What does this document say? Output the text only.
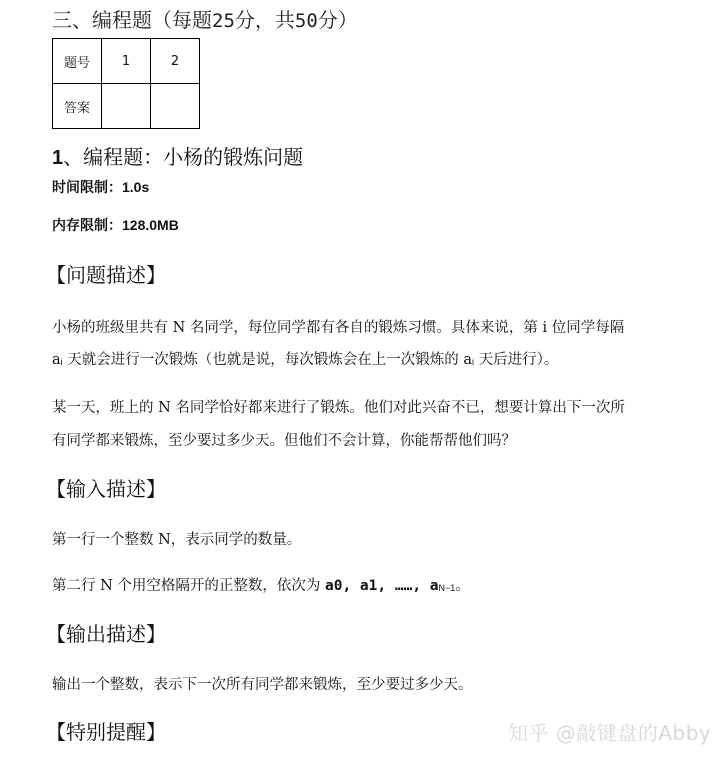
三、编程题（每题25分，共50分）
题号	1	2
答案		
1、编程题：小杨的锻炼问题
时间限制：1.0s
内存限制：128.0MB
【问题描述】
小杨的班级里共有 N 名同学，每位同学都有各自的锻炼习惯。具体来说，第 i 位同学每隔
ai 天就会进行一次锻炼（也就是说，每次锻炼会在上一次锻炼的 ai 天后进行）。
某一天，班上的 N 名同学恰好都来进行了锻炼。他们对此兴奋不已，想要计算出下一次所
有同学都来锻炼，至少要过多少天。但他们不会计算，你能帮帮他们吗？
【输入描述】
第一行一个整数 N，表示同学的数量。
第二行 N 个用空格隔开的正整数，依次为 a0, a1, ……, aN−1。
【输出描述】
输出一个整数，表示下一次所有同学都来锻炼，至少要过多少天。
【特别提醒】	知乎 @敲键盘的Abby
